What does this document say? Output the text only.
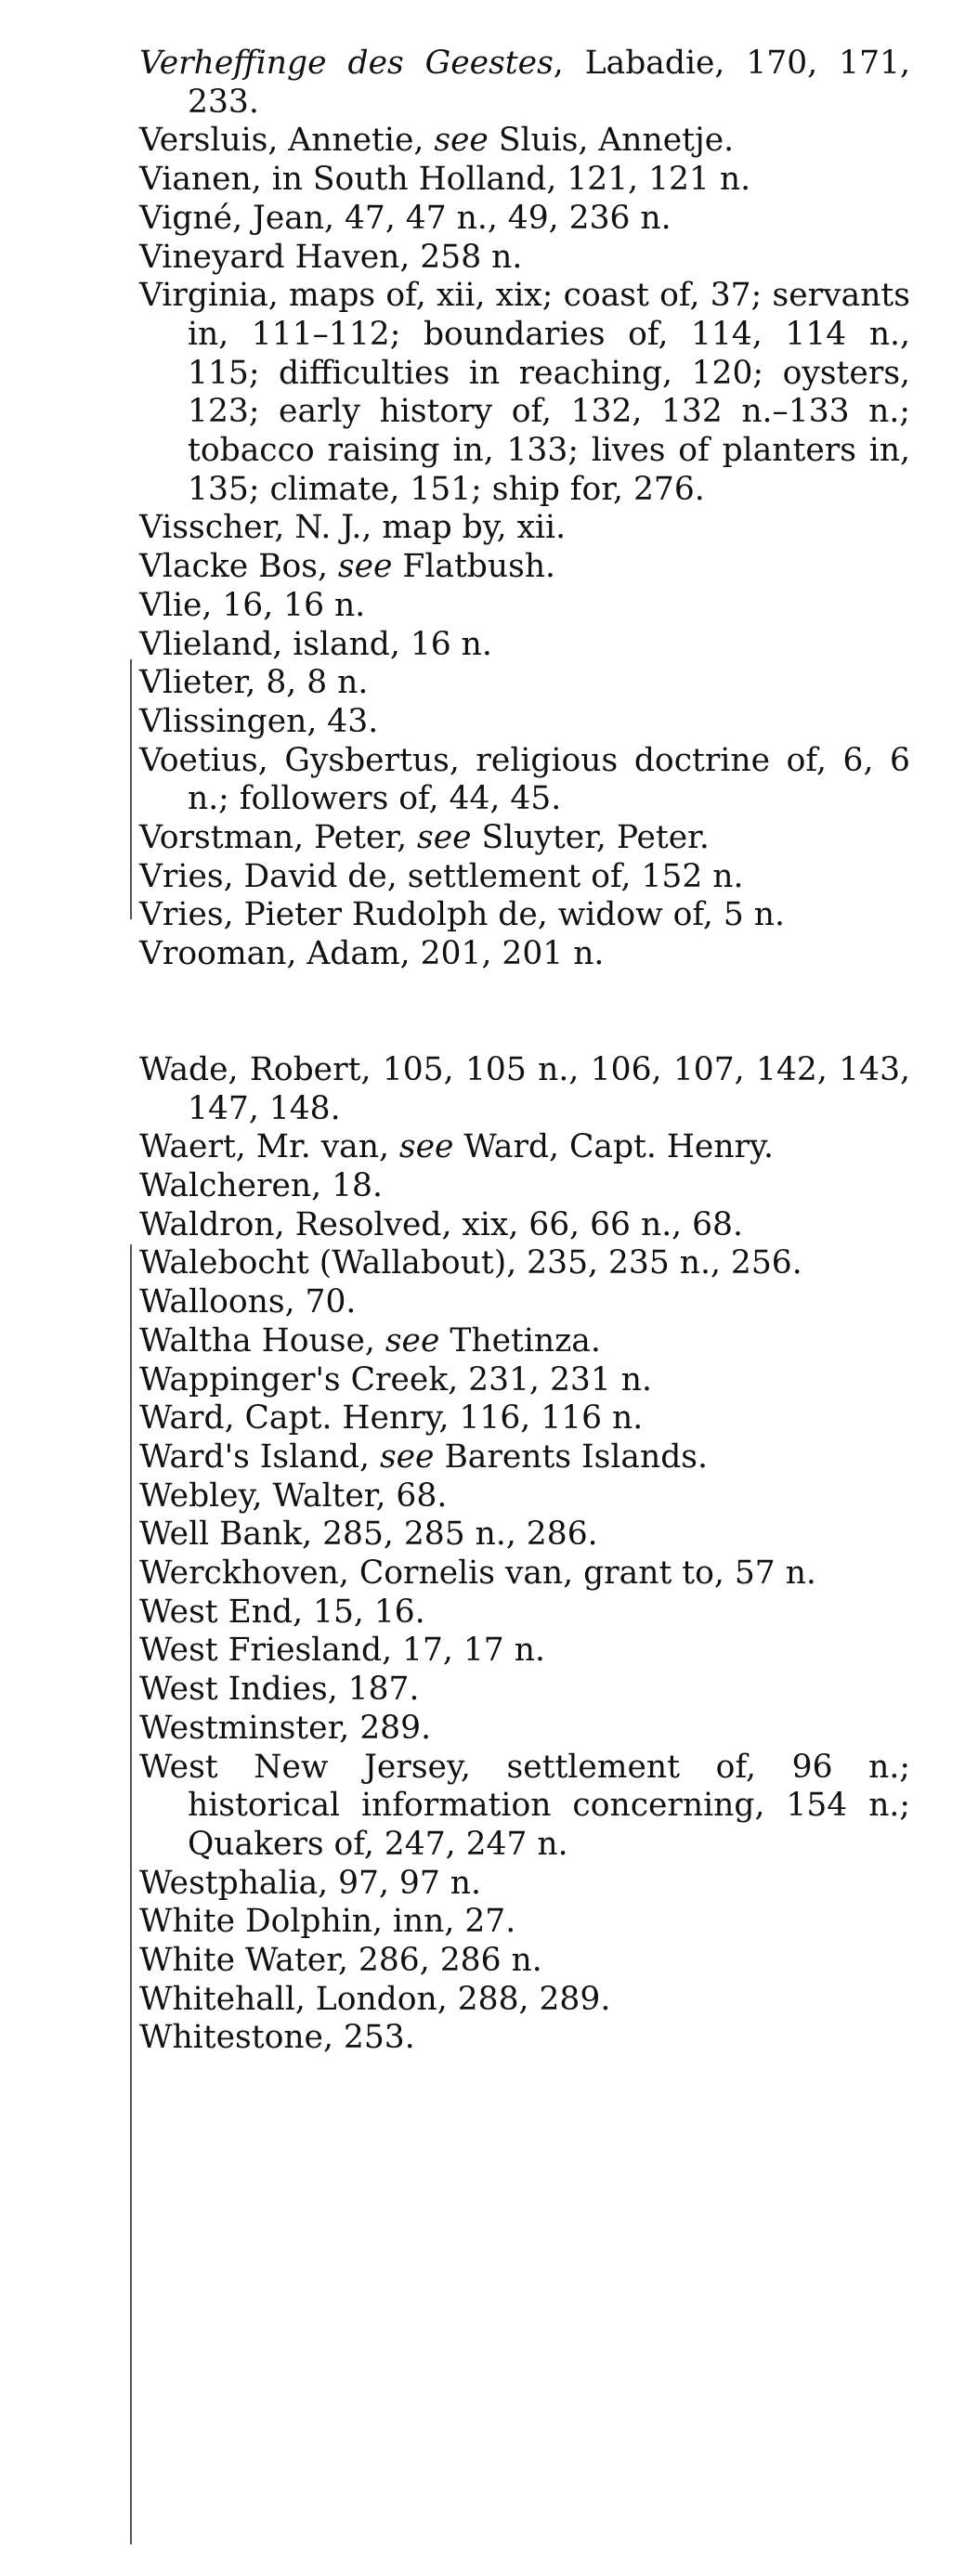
Verheffinge des Geestes, Labadie, 170, 171, 233.

Versluis, Annetie, see Sluis, Annetje.

Vianen, in South Holland, 121, 121 n.

Vigné, Jean, 47, 47 n., 49, 236 n.

Vineyard Haven, 258 n.

Virginia, maps of, xii, xix; coast of, 37; servants in, 111–112; boundaries of, 114, 114 n., 115; difficulties in reaching, 120; oysters, 123; early history of, 132, 132 n.–133 n.; tobacco raising in, 133; lives of planters in, 135; climate, 151; ship for, 276.

Visscher, N. J., map by, xii.

Vlacke Bos, see Flatbush.

Vlie, 16, 16 n.

Vlieland, island, 16 n.

Vlieter, 8, 8 n.

Vlissingen, 43.

Voetius, Gysbertus, religious doctrine of, 6, 6 n.; followers of, 44, 45.

Vorstman, Peter, see Sluyter, Peter.

Vries, David de, settlement of, 152 n.

Vries, Pieter Rudolph de, widow of, 5 n.

Vrooman, Adam, 201, 201 n.

Wade, Robert, 105, 105 n., 106, 107, 142, 143, 147, 148.

Waert, Mr. van, see Ward, Capt. Henry.

Walcheren, 18.

Waldron, Resolved, xix, 66, 66 n., 68.

Walebocht (Wallabout), 235, 235 n., 256.

Walloons, 70.

Waltha House, see Thetinza.

Wappinger's Creek, 231, 231 n.

Ward, Capt. Henry, 116, 116 n.

Ward's Island, see Barents Islands.

Webley, Walter, 68.

Well Bank, 285, 285 n., 286.

Werckhoven, Cornelis van, grant to, 57 n.

West End, 15, 16.

West Friesland, 17, 17 n.

West Indies, 187.

Westminster, 289.

West New Jersey, settlement of, 96 n.; historical information concerning, 154 n.; Quakers of, 247, 247 n.

Westphalia, 97, 97 n.

White Dolphin, inn, 27.

White Water, 286, 286 n.

Whitehall, London, 288, 289.

Whitestone, 253.
